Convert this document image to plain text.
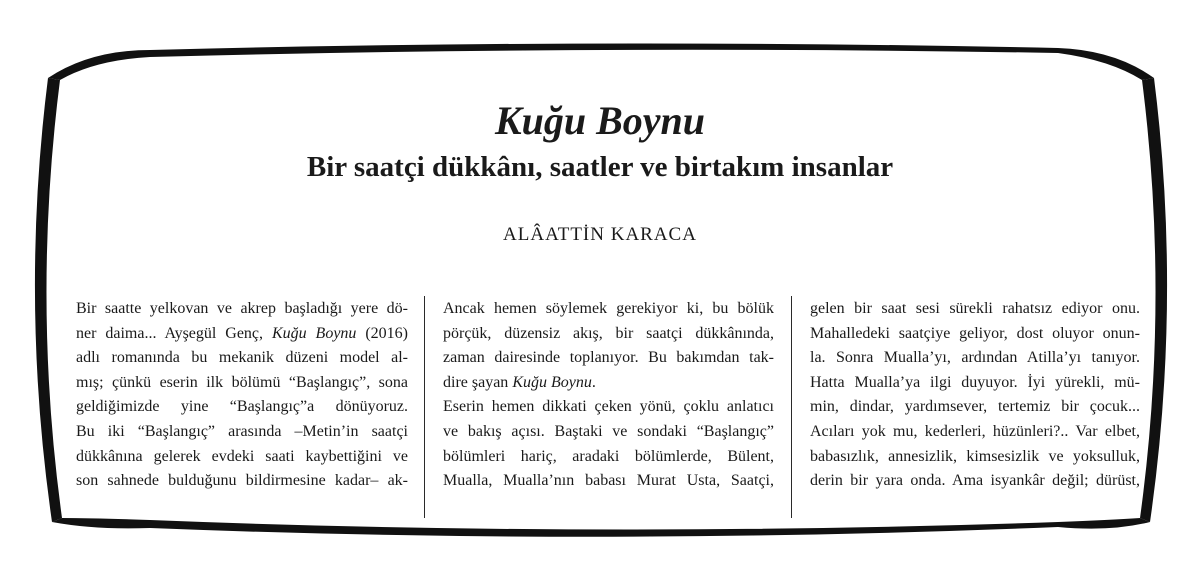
Kuğu Boynu
Bir saatçi dükkânı, saatler ve birtakım insanlar
ALÂATTİN KARACA
Bir saatte yelkovan ve akrep başladığı yere dö-
ner daima... Ayşegül Genç, Kuğu Boynu (2016)
adlı romanında bu mekanik düzeni model al-
mış; çünkü eserin ilk bölümü “Başlangıç”, sona
geldiğimizde yine “Başlangıç”a dönüyoruz.
Bu iki “Başlangıç” arasında –Metin’in saatçi
dükkânına gelerek evdeki saati kaybettiğini ve
son sahnede bulduğunu bildirmesine kadar– ak-
Ancak hemen söylemek gerekiyor ki, bu bölük
pörçük, düzensiz akış, bir saatçi dükkânında,
zaman dairesinde toplanıyor. Bu bakımdan tak-
dire şayan Kuğu Boynu.
Eserin hemen dikkati çeken yönü, çoklu anlatıcı
ve bakış açısı. Baştaki ve sondaki “Başlangıç”
bölümleri hariç, aradaki bölümlerde, Bülent,
Mualla, Mualla’nın babası Murat Usta, Saatçi,
gelen bir saat sesi sürekli rahatsız ediyor onu.
Mahalledeki saatçiye geliyor, dost oluyor onun-
la. Sonra Mualla’yı, ardından Atilla’yı tanıyor.
Hatta Mualla’ya ilgi duyuyor. İyi yürekli, mü-
min, dindar, yardımsever, tertemiz bir çocuk...
Acıları yok mu, kederleri, hüzünleri?.. Var elbet,
babasızlık, annesizlik, kimsesizlik ve yoksulluk,
derin bir yara onda. Ama isyankâr değil; dürüst,
